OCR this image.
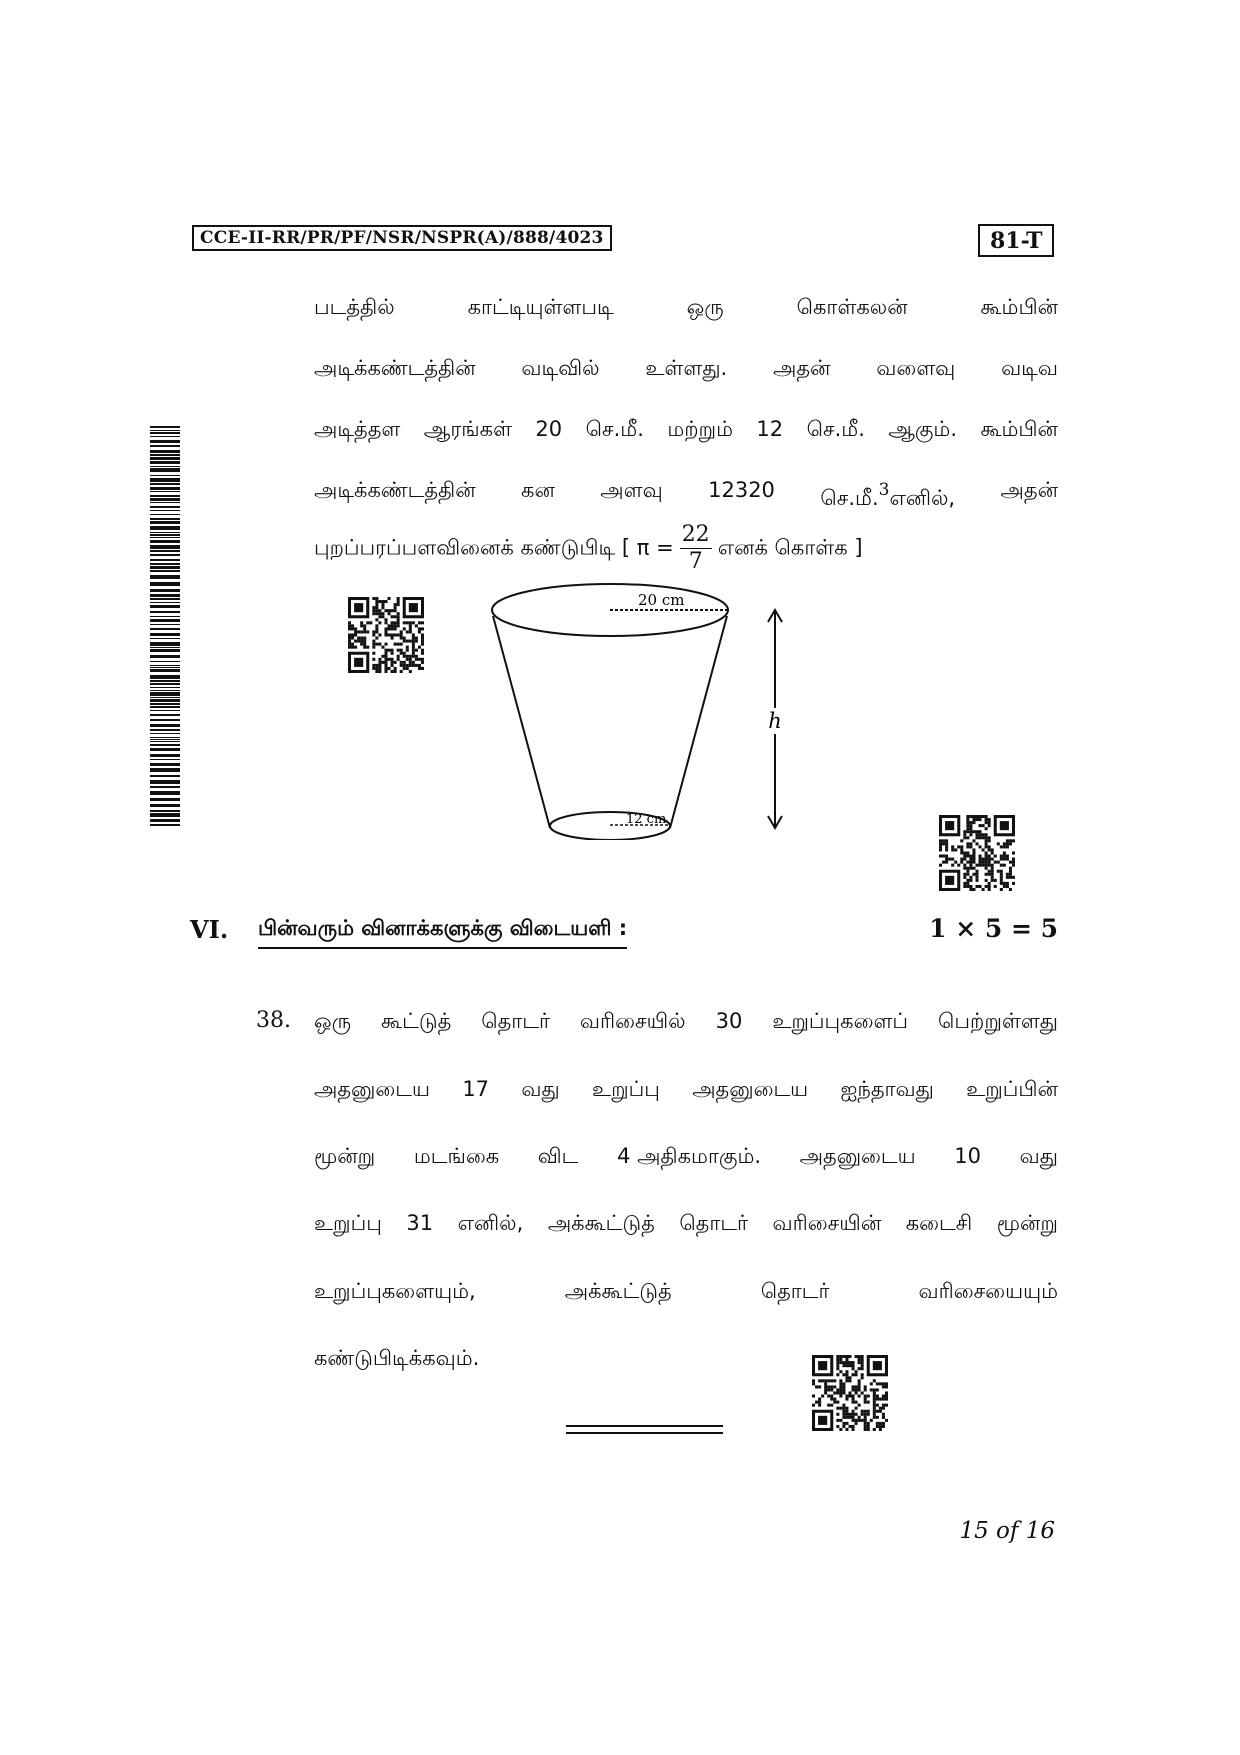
CCE-II-RR/PR/PF/NSR/NSPR(A)/888/4023	81-T
படத்தில்	காட்டியுள்ளபடி	ஒரு	கொள்கலன்	கூம்பின்
அடிக்கண்டத்தின் வடிவில் உள்ளது. அதன் வளைவு வடிவ
அடித்தள ஆரங்கள் 20 செ.மீ. மற்றும் 12 செ.மீ. ஆகும். கூம்பின்
அடிக்கண்டத்தின் கன அளவு 12320 செ.மீ.$^3$எனில், அதன்
புறப்பரப்பளவினைக் கண்டுபிடி [ $\pi = \frac{22}{7}$ எனக் கொள்க ]
20 cm
12 cm
h
VI. பின்வரும் வினாக்களுக்கு விடையளி :	1 × 5 = 5
38. ஒரு கூட்டுத் தொடர் வரிசையில் 30 உறுப்புகளைப் பெற்றுள்ளது
அதனுடைய 17 வது உறுப்பு அதனுடைய ஐந்தாவது உறுப்பின்
மூன்று மடங்கை விட 4 அதிகமாகும். அதனுடைய 10 வது
உறுப்பு 31 எனில், அக்கூட்டுத் தொடர் வரிசையின் கடைசி மூன்று
உறுப்புகளையும்,	அக்கூட்டுத்	தொடர்	வரிசையையும்
கண்டுபிடிக்கவும்.
15 of 16
